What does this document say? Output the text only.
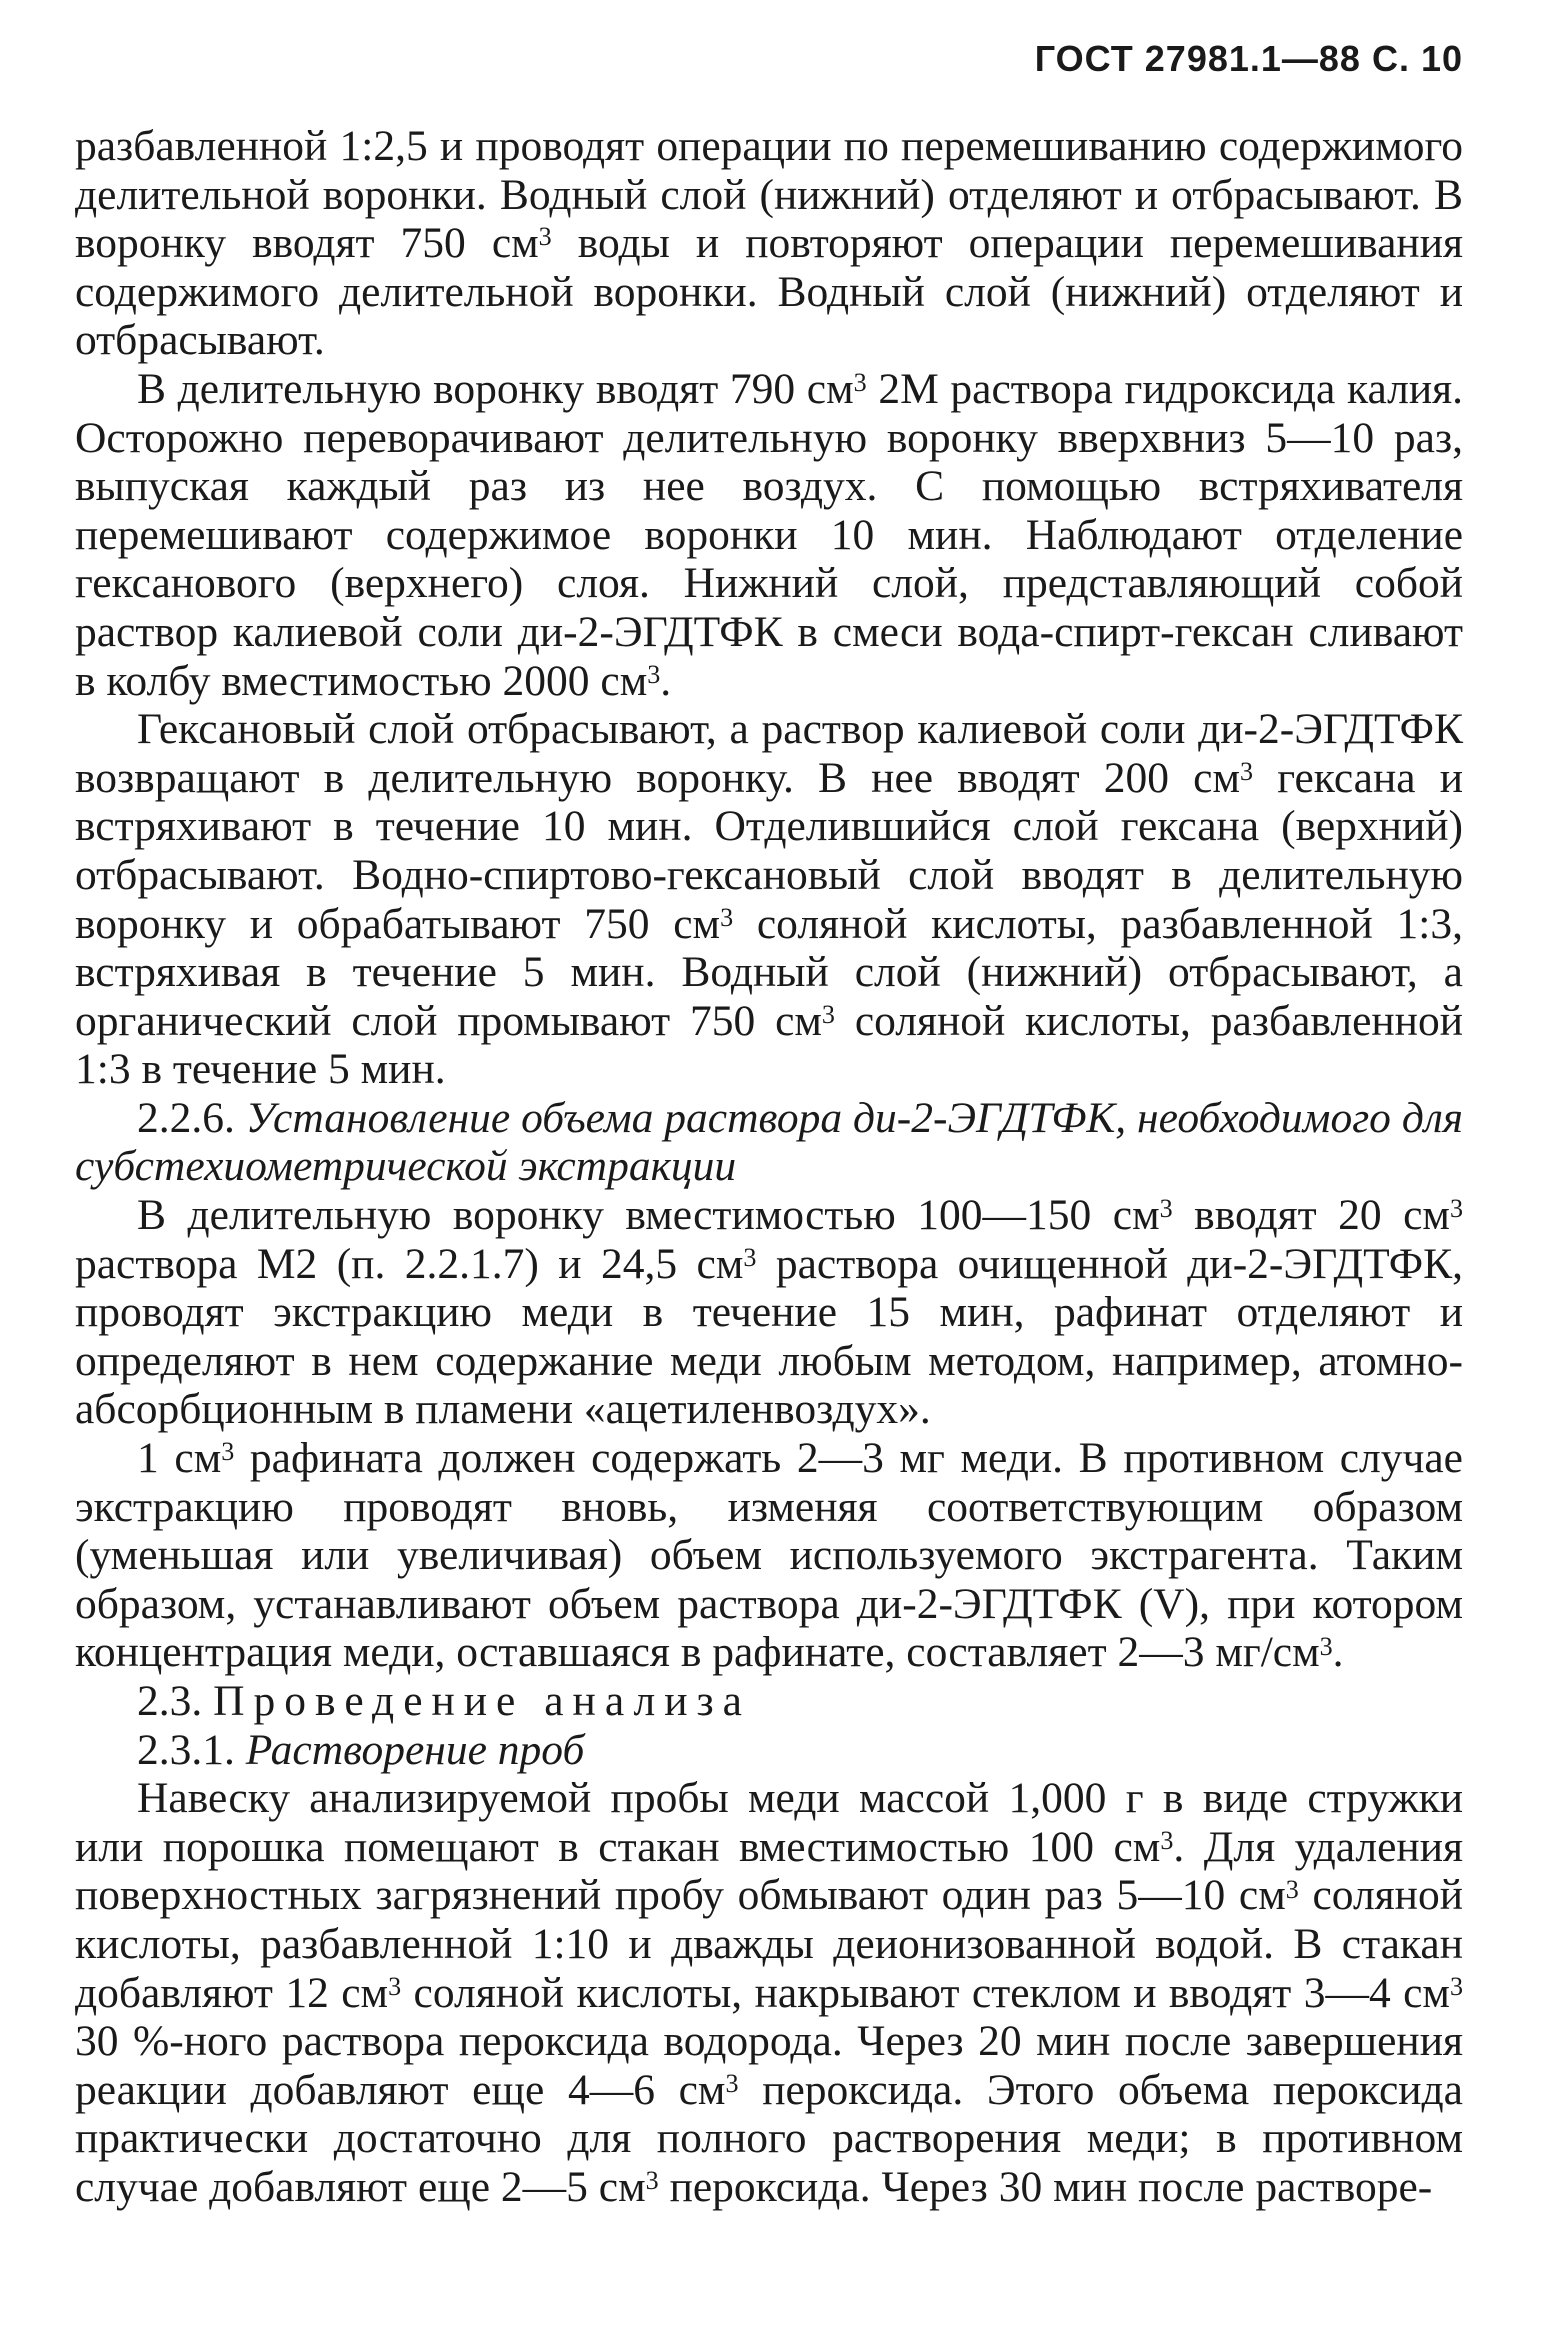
ГОСТ 27981.1—88 С. 10

разбавленной 1:2,5 и проводят операции по перемешиванию содержимого делительной воронки. Водный слой (нижний) отделяют и отбрасывают. В воронку вводят 750 $см^3$ воды и повторяют операции перемешивания содержимого делительной воронки. Водный слой (нижний) отделяют и отбрасывают.

В делительную воронку вводят 790 $см^3$ 2М раствора гидроксида калия. Осторожно переворачивают делительную воронку вверхвниз 5—10 раз, выпуская каждый раз из нее воздух. С помощью встряхивателя перемешивают содержимое воронки 10 мин. Наблюдают отделение гексанового (верхнего) слоя. Нижний слой, представляющий собой раствор калиевой соли ди-2-ЭГДТФК в смеси вода-спирт-гексан сливают в колбу вместимостью 2000 $см^3$.

Гексановый слой отбрасывают, а раствор калиевой соли ди-2-ЭГДТФК возвращают в делительную воронку. В нее вводят 200 $см^3$ гексана и встряхивают в течение 10 мин. Отделившийся слой гексана (верхний) отбрасывают. Водно-спиртово-гексановый слой вводят в делительную воронку и обрабатывают 750 $см^3$ соляной кислоты, разбавленной 1:3, встряхивая в течение 5 мин. Водный слой (нижний) отбрасывают, а органический слой промывают 750 $см^3$ соляной кислоты, разбавленной 1:3 в течение 5 мин.

2.2.6. Установление объема раствора ди-2-ЭГДТФК, необходимого для субстехиометрической экстракции

В делительную воронку вместимостью 100—150 $см^3$ вводят 20 $см^3$ раствора М2 (п. 2.2.1.7) и 24,5 $см^3$ раствора очищенной ди-2-ЭГДТФК, проводят экстракцию меди в течение 15 мин, рафинат отделяют и определяют в нем содержание меди любым методом, например, атомно-абсорбционным в пламени «ацетиленвоздух».

1 $см^3$ рафината должен содержать 2—3 мг меди. В противном случае экстракцию проводят вновь, изменяя соответствующим образом (уменьшая или увеличивая) объем используемого экстрагента. Таким образом, устанавливают объем раствора ди-2-ЭГДТФК (V), при котором концентрация меди, оставшаяся в рафинате, составляет 2—3 $мг/см^3$.

2.3. Проведение анализа

2.3.1. Растворение проб

Навеску анализируемой пробы меди массой 1,000 г в виде стружки или порошка помещают в стакан вместимостью 100 $см^3$. Для удаления поверхностных загрязнений пробу обмывают один раз 5—10 $см^3$ соляной кислоты, разбавленной 1:10 и дважды деионизованной водой. В стакан добавляют 12 $см^3$ соляной кислоты, накрывают стеклом и вводят 3—4 $см^3$ 30 %-ного раствора пероксида водорода. Через 20 мин после завершения реакции добавляют еще 4—6 $см^3$ пероксида. Этого объема пероксида практически достаточно для полного растворения меди; в противном случае добавляют еще 2—5 $см^3$ пероксида. Через 30 мин после растворе-
